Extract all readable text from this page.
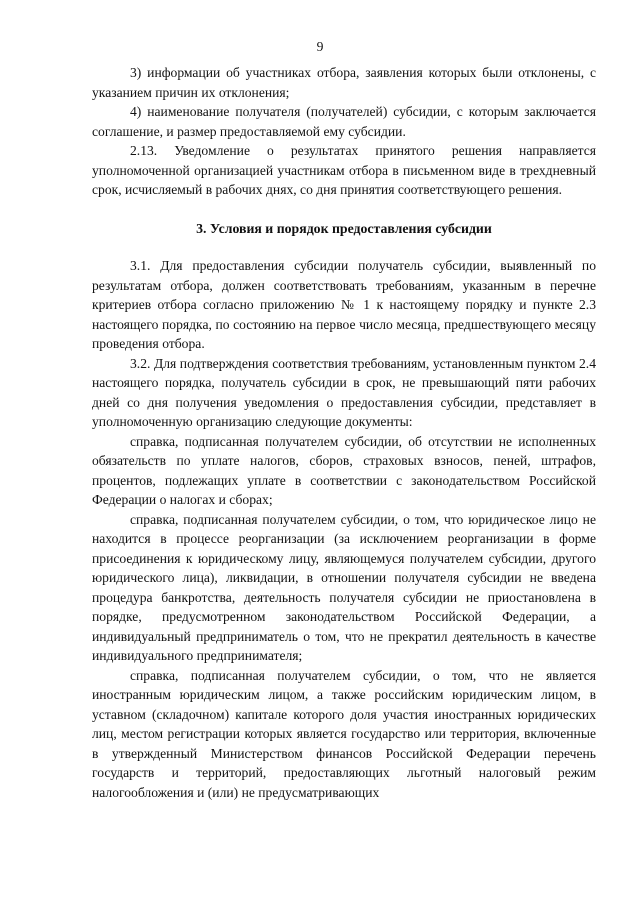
9

3) информации об участниках отбора, заявления которых были отклонены, с указанием причин их отклонения;

4) наименование получателя (получателей) субсидии, с которым заключается соглашение, и размер предоставляемой ему субсидии.

2.13. Уведомление о результатах принятого решения направляется уполномоченной организацией участникам отбора в письменном виде в трехдневный срок, исчисляемый в рабочих днях, со дня принятия соответствующего решения.

3. Условия и порядок предоставления субсидии

3.1. Для предоставления субсидии получатель субсидии, выявленный по результатам отбора, должен соответствовать требованиям, указанным в перечне критериев отбора согласно приложению № 1 к настоящему порядку и пункте 2.3 настоящего порядка, по состоянию на первое число месяца, предшествующего месяцу проведения отбора.

3.2. Для подтверждения соответствия требованиям, установленным пунктом 2.4 настоящего порядка, получатель субсидии в срок, не превышающий пяти рабочих дней со дня получения уведомления о предоставления субсидии, представляет в уполномоченную организацию следующие документы:

справка, подписанная получателем субсидии, об отсутствии не исполненных обязательств по уплате налогов, сборов, страховых взносов, пеней, штрафов, процентов, подлежащих уплате в соответствии с законодательством Российской Федерации о налогах и сборах;

справка, подписанная получателем субсидии, о том, что юридическое лицо не находится в процессе реорганизации (за исключением реорганизации в форме присоединения к юридическому лицу, являющемуся получателем субсидии, другого юридического лица), ликвидации, в отношении получателя субсидии не введена процедура банкротства, деятельность получателя субсидии не приостановлена в порядке, предусмотренном законодательством Российской Федерации, а индивидуальный предприниматель о том, что не прекратил деятельность в качестве индивидуального предпринимателя;

справка, подписанная получателем субсидии, о том, что не является иностранным юридическим лицом, а также российским юридическим лицом, в уставном (складочном) капитале которого доля участия иностранных юридических лиц, местом регистрации которых является государство или территория, включенные в утвержденный Министерством финансов Российской Федерации перечень государств и территорий, предоставляющих льготный налоговый режим налогообложения и (или) не предусматривающих
